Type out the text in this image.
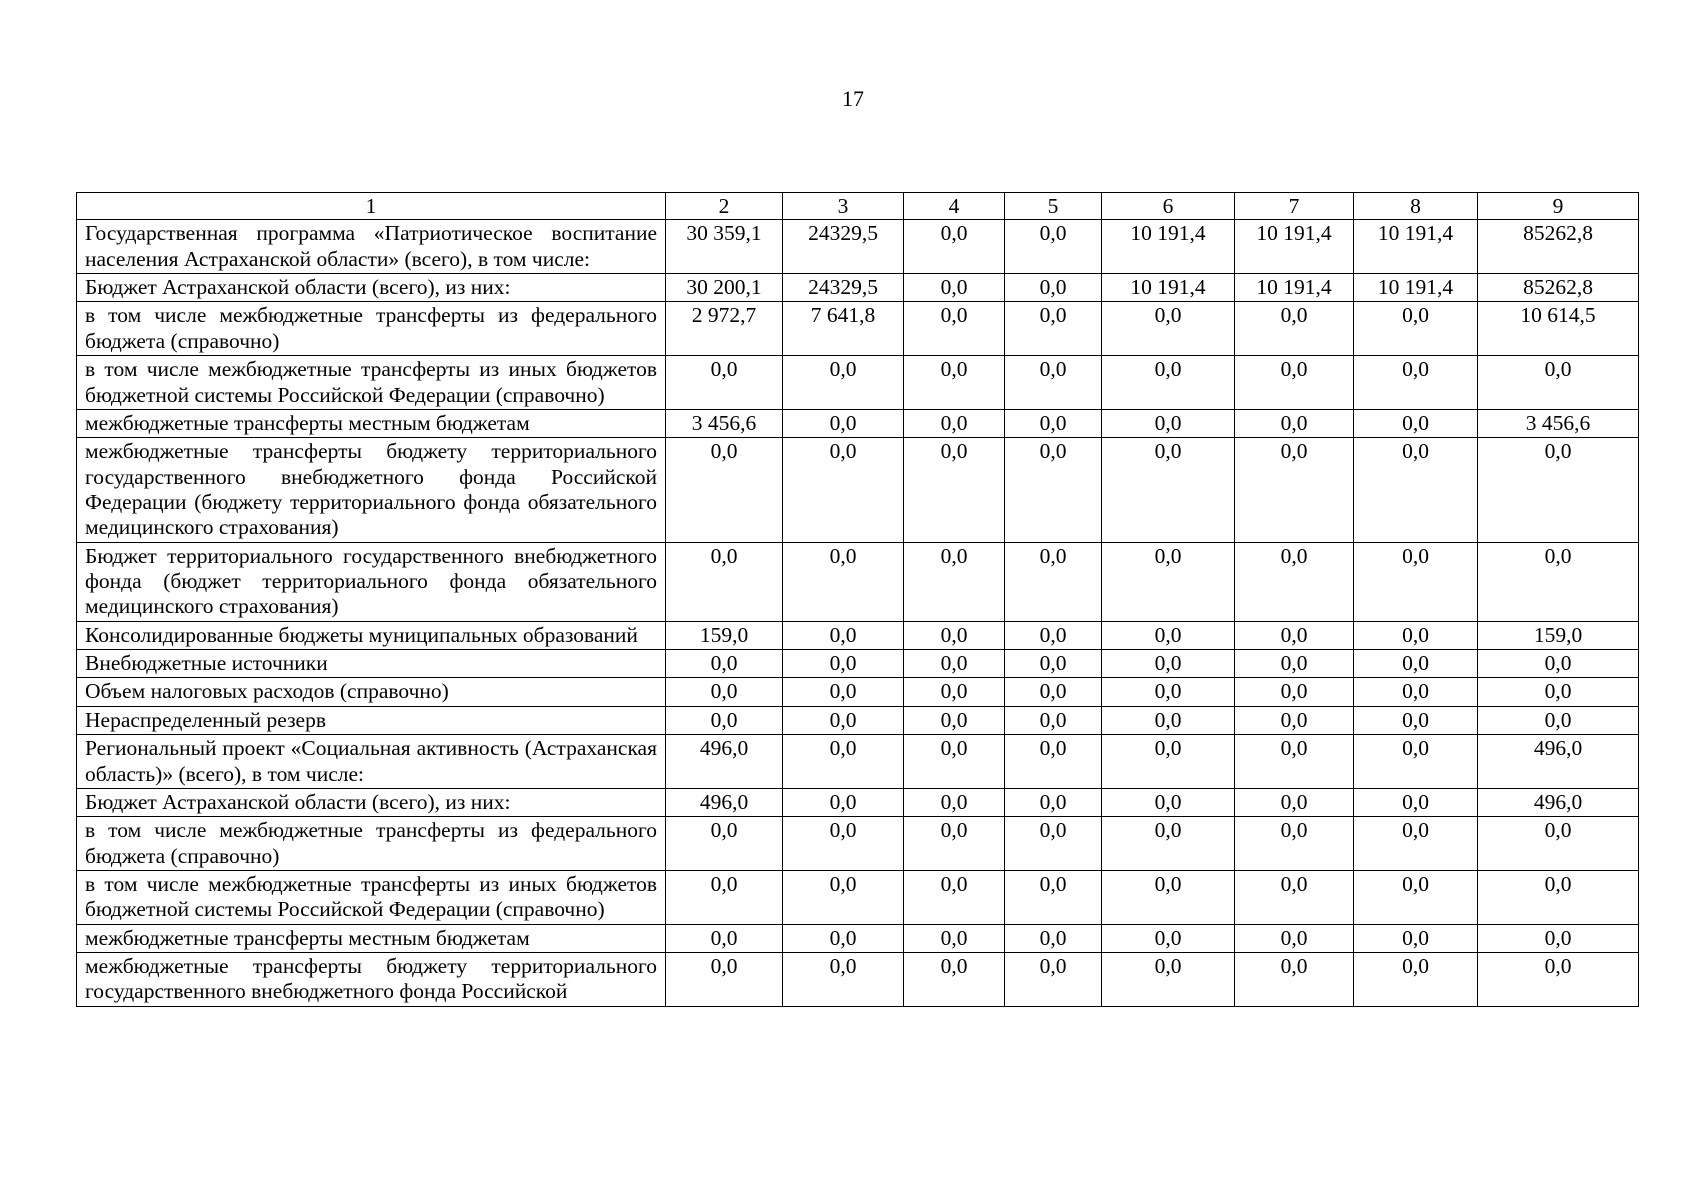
17
1	2	3	4	5	6	7	8	9
Государственная программа «Патриотическое воспитание населения Астраханской области» (всего), в том числе:	30 359,1	24329,5	0,0	0,0	10 191,4	10 191,4	10 191,4	85262,8
Бюджет Астраханской области (всего), из них:	30 200,1	24329,5	0,0	0,0	10 191,4	10 191,4	10 191,4	85262,8
в том числе межбюджетные трансферты из федерального бюджета (справочно)	2 972,7	7 641,8	0,0	0,0	0,0	0,0	0,0	10 614,5
в том числе межбюджетные трансферты из иных бюджетов бюджетной системы Российской Федерации (справочно)	0,0	0,0	0,0	0,0	0,0	0,0	0,0	0,0
межбюджетные трансферты местным бюджетам	3 456,6	0,0	0,0	0,0	0,0	0,0	0,0	3 456,6
межбюджетные трансферты бюджету территориального государственного внебюджетного фонда Российской Федерации (бюджету территориального фонда обязательного медицинского страхования)	0,0	0,0	0,0	0,0	0,0	0,0	0,0	0,0
Бюджет территориального государственного внебюджетного фонда (бюджет территориального фонда обязательного медицинского страхования)	0,0	0,0	0,0	0,0	0,0	0,0	0,0	0,0
Консолидированные бюджеты муниципальных образований	159,0	0,0	0,0	0,0	0,0	0,0	0,0	159,0
Внебюджетные источники	0,0	0,0	0,0	0,0	0,0	0,0	0,0	0,0
Объем налоговых расходов (справочно)	0,0	0,0	0,0	0,0	0,0	0,0	0,0	0,0
Нераспределенный резерв	0,0	0,0	0,0	0,0	0,0	0,0	0,0	0,0
Региональный проект «Социальная активность (Астраханская область)» (всего), в том числе:	496,0	0,0	0,0	0,0	0,0	0,0	0,0	496,0
Бюджет Астраханской области (всего), из них:	496,0	0,0	0,0	0,0	0,0	0,0	0,0	496,0
в том числе межбюджетные трансферты из федерального бюджета (справочно)	0,0	0,0	0,0	0,0	0,0	0,0	0,0	0,0
в том числе межбюджетные трансферты из иных бюджетов бюджетной системы Российской Федерации (справочно)	0,0	0,0	0,0	0,0	0,0	0,0	0,0	0,0
межбюджетные трансферты местным бюджетам	0,0	0,0	0,0	0,0	0,0	0,0	0,0	0,0
межбюджетные трансферты бюджету территориального государственного внебюджетного фонда Российской	0,0	0,0	0,0	0,0	0,0	0,0	0,0	0,0
